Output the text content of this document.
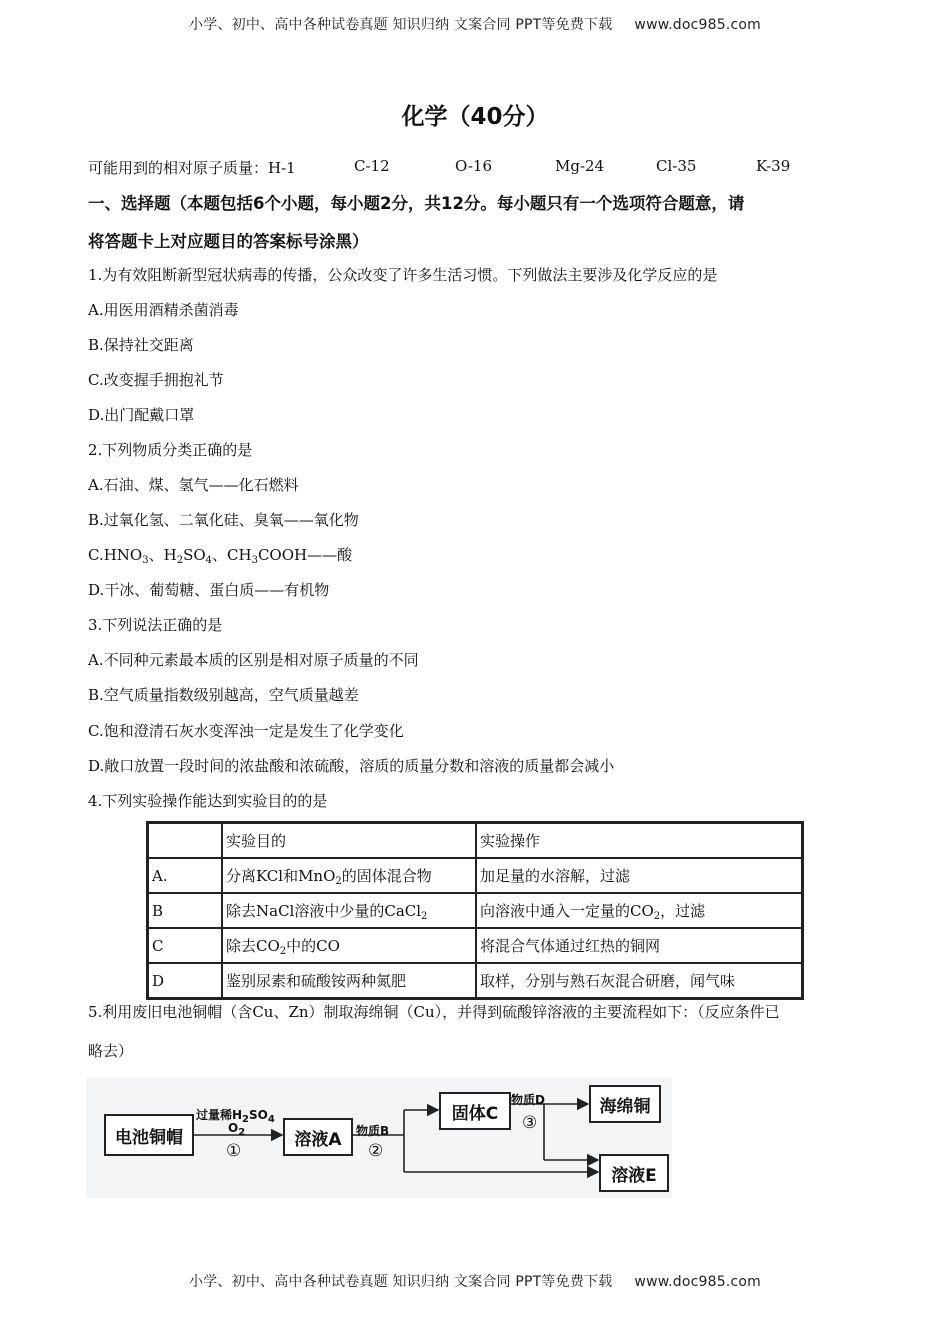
小学、初中、高中各种试卷真题 知识归纳 文案合同 PPT等免费下载 www.doc985.com
化学（40分）
可能用到的相对原子质量：H-1	C-12	O-16	Mg-24	Cl-35	K-39
一、选择题（本题包括6个小题，每小题2分，共12分。每小题只有一个选项符合题意，请
将答题卡上对应题目的答案标号涂黑）
1.为有效阻断新型冠状病毒的传播，公众改变了许多生活习惯。下列做法主要涉及化学反应的是
A.用医用酒精杀菌消毒
B.保持社交距离
C.改变握手拥抱礼节
D.出门配戴口罩
2.下列物质分类正确的是
A.石油、煤、氢气——化石燃料
B.过氧化氢、二氧化硅、臭氧——氧化物
$C.HNO_3$、$H_2SO_4$、$CH_3COOH——$酸
D.干冰、葡萄糖、蛋白质——有机物
3.下列说法正确的是
A.不同种元素最本质的区别是相对原子质量的不同
B.空气质量指数级别越高，空气质量越差
C.饱和澄清石灰水变浑浊一定是发生了化学变化
D.敞口放置一段时间的浓盐酸和浓硫酸，溶质的质量分数和溶液的质量都会减小
4.下列实验操作能达到实验目的的是
	实验目的	实验操作
A.	分离KCl和MnO$_2$的固体混合物	加足量的水溶解，过滤
B	除去NaCl溶液中少量的CaCl$_2$	向溶液中通入一定量的$CO_2$，过滤
C	除去$CO_2$中的CO	将混合气体通过红热的铜网
D	鉴别尿素和硫酸铵两种氮肥	取样，分别与熟石灰混合研磨，闻气味
5.利用废旧电池铜帽（含Cu、Zn）制取海绵铜（Cu），并得到硫酸锌溶液的主要流程如下：（反应条件已
略去）
电池铜帽
过量稀$H_2SO_4$
$O_2$
①
溶液A	物质B
②
固体C
物质D
③
海绵铜
溶液E
小学、初中、高中各种试卷真题 知识归纳 文案合同 PPT等免费下载 www.doc985.com
